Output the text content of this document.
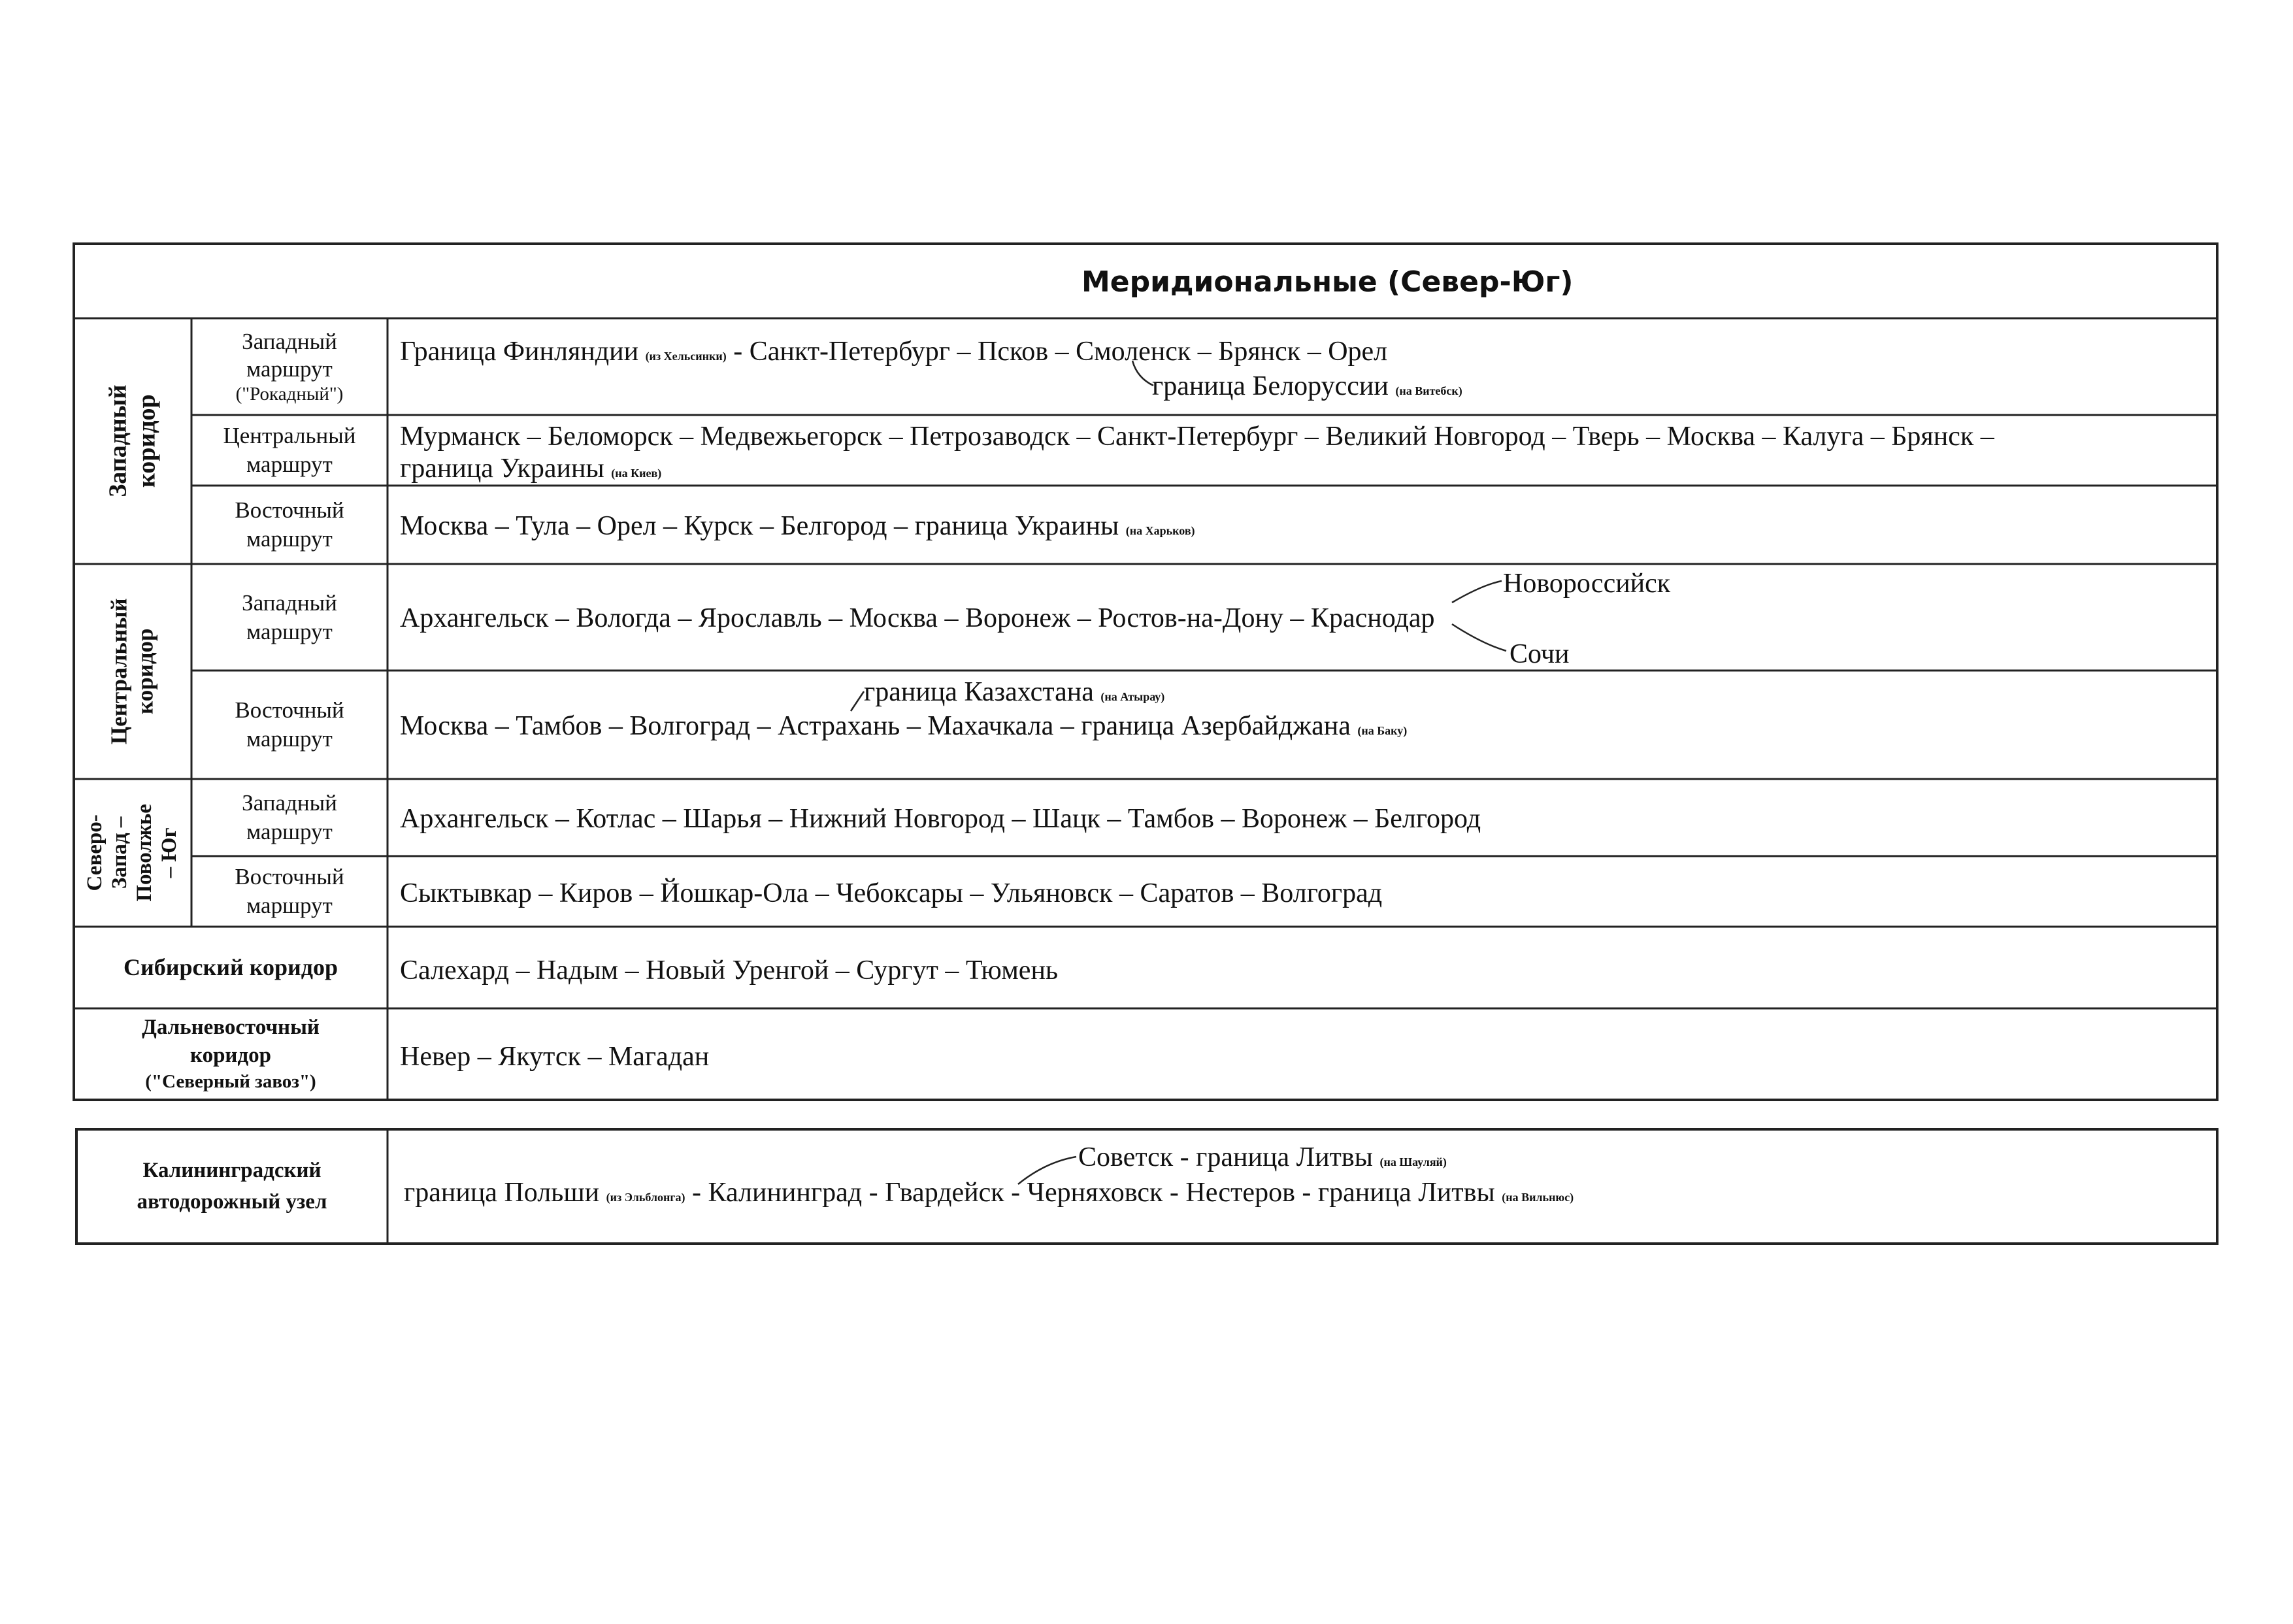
Меридиональные (Север-Юг)
Западный
коридор
Центральный
коридор
Северо-
Запад –
Поволжье
– Юг
Сибирский коридор
Дальневосточный
коридор
("Северный завоз")
Калининградский
автодорожный узел
Западный
маршрут
("Рокадный")
Центральный
маршрут
Восточный
маршрут
Западный
маршрут
Восточный
маршрут
Западный
маршрут
Восточный
маршрут
Граница Финляндии (из Хельсинки) - Санкт-Петербург – Псков – Смоленск – Брянск – Орел
граница Белоруссии (на Витебск)
Мурманск – Беломорск – Медвежьегорск – Петрозаводск – Санкт-Петербург – Великий Новгород – Тверь – Москва – Калуга – Брянск –
граница Украины (на Киев)
Москва – Тула – Орел – Курск – Белгород – граница Украины (на Харьков)
Новороссийск
Архангельск – Вологда – Ярославль – Москва – Воронеж – Ростов-на-Дону – Краснодар
Сочи
граница Казахстана (на Атырау)
Москва – Тамбов – Волгоград – Астрахань – Махачкала – граница Азербайджана (на Баку)
Архангельск – Котлас – Шарья – Нижний Новгород – Шацк – Тамбов – Воронеж – Белгород
Сыктывкар – Киров – Йошкар-Ола – Чебоксары – Ульяновск – Саратов – Волгоград
Салехард – Надым – Новый Уренгой – Сургут – Тюмень
Невер – Якутск – Магадан
Советск - граница Литвы (на Шауляй)
граница Польши (из Эльблонга) - Калининград - Гвардейск - Черняховск - Нестеров - граница Литвы (на Вильнюс)
